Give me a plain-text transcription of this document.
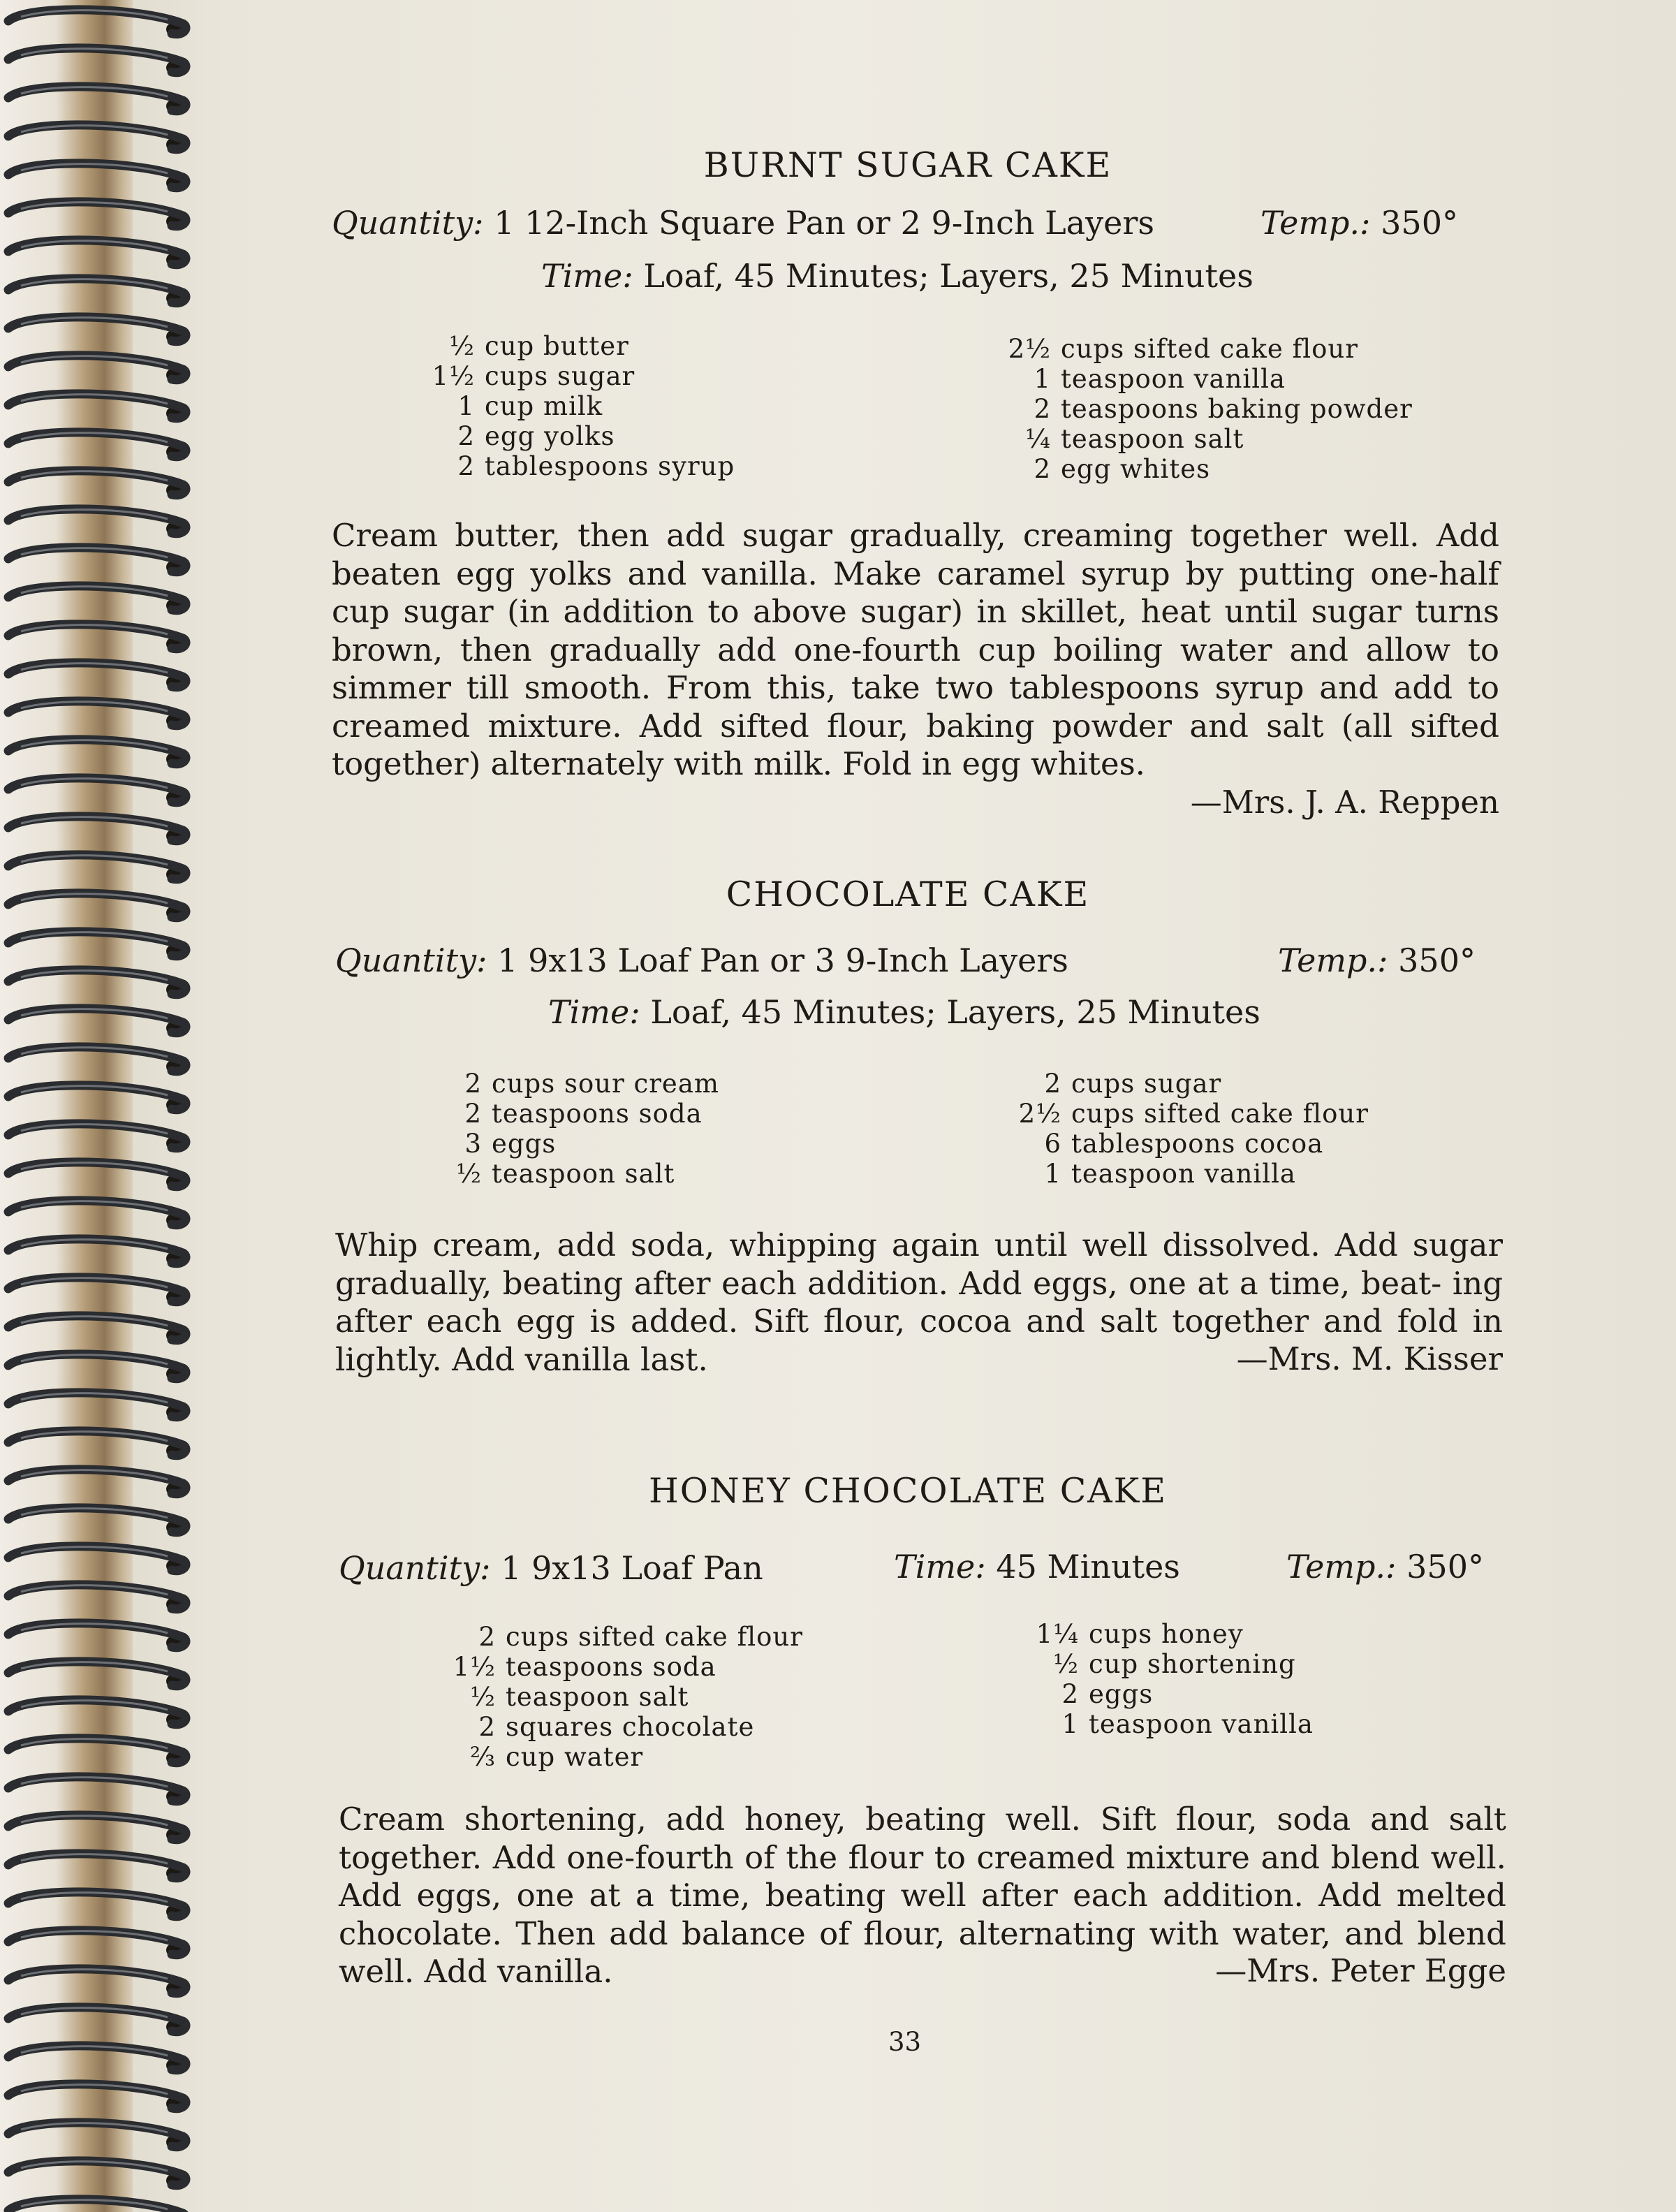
BURNT SUGAR CAKE
Quantity: 1 12-Inch Square Pan or 2 9-Inch Layers	Temp.: 350°
Time: Loaf, 45 Minutes; Layers, 25 Minutes
½ cup butter
1½ cups sugar
1 cup milk
2 egg yolks
2 tablespoons syrup
2½ cups sifted cake flour
1 teaspoon vanilla
2 teaspoons baking powder
¼ teaspoon salt
2 egg whites
Cream butter, then add sugar gradually, creaming together well. Add beaten egg yolks and vanilla. Make caramel syrup by putting one-half cup sugar (in addition to above sugar) in skillet, heat until sugar turns brown, then gradually add one-fourth cup boiling water and allow to simmer till smooth. From this, take two tablespoons syrup and add to creamed mixture. Add sifted flour, baking powder and salt (all sifted together) alternately with milk. Fold in egg whites.
—Mrs. J. A. Reppen
CHOCOLATE CAKE
Quantity: 1 9x13 Loaf Pan or 3 9-Inch Layers	Temp.: 350°
Time: Loaf, 45 Minutes; Layers, 25 Minutes
2 cups sour cream
2 teaspoons soda
3 eggs
½ teaspoon salt
2 cups sugar
2½ cups sifted cake flour
6 tablespoons cocoa
1 teaspoon vanilla
Whip cream, add soda, whipping again until well dissolved. Add sugar gradually, beating after each addition. Add eggs, one at a time, beat- ing after each egg is added. Sift flour, cocoa and salt together and fold in lightly. Add vanilla last.	—Mrs. M. Kisser
HONEY CHOCOLATE CAKE
Quantity: 1 9x13 Loaf Pan	Time: 45 Minutes	Temp.: 350°
2 cups sifted cake flour
1½ teaspoons soda
½ teaspoon salt
2 squares chocolate
⅔ cup water
1¼ cups honey
½ cup shortening
2 eggs
1 teaspoon vanilla
Cream shortening, add honey, beating well. Sift flour, soda and salt together. Add one-fourth of the flour to creamed mixture and blend well. Add eggs, one at a time, beating well after each addition. Add melted chocolate. Then add balance of flour, alternating with water, and blend well. Add vanilla.	—Mrs. Peter Egge
33
